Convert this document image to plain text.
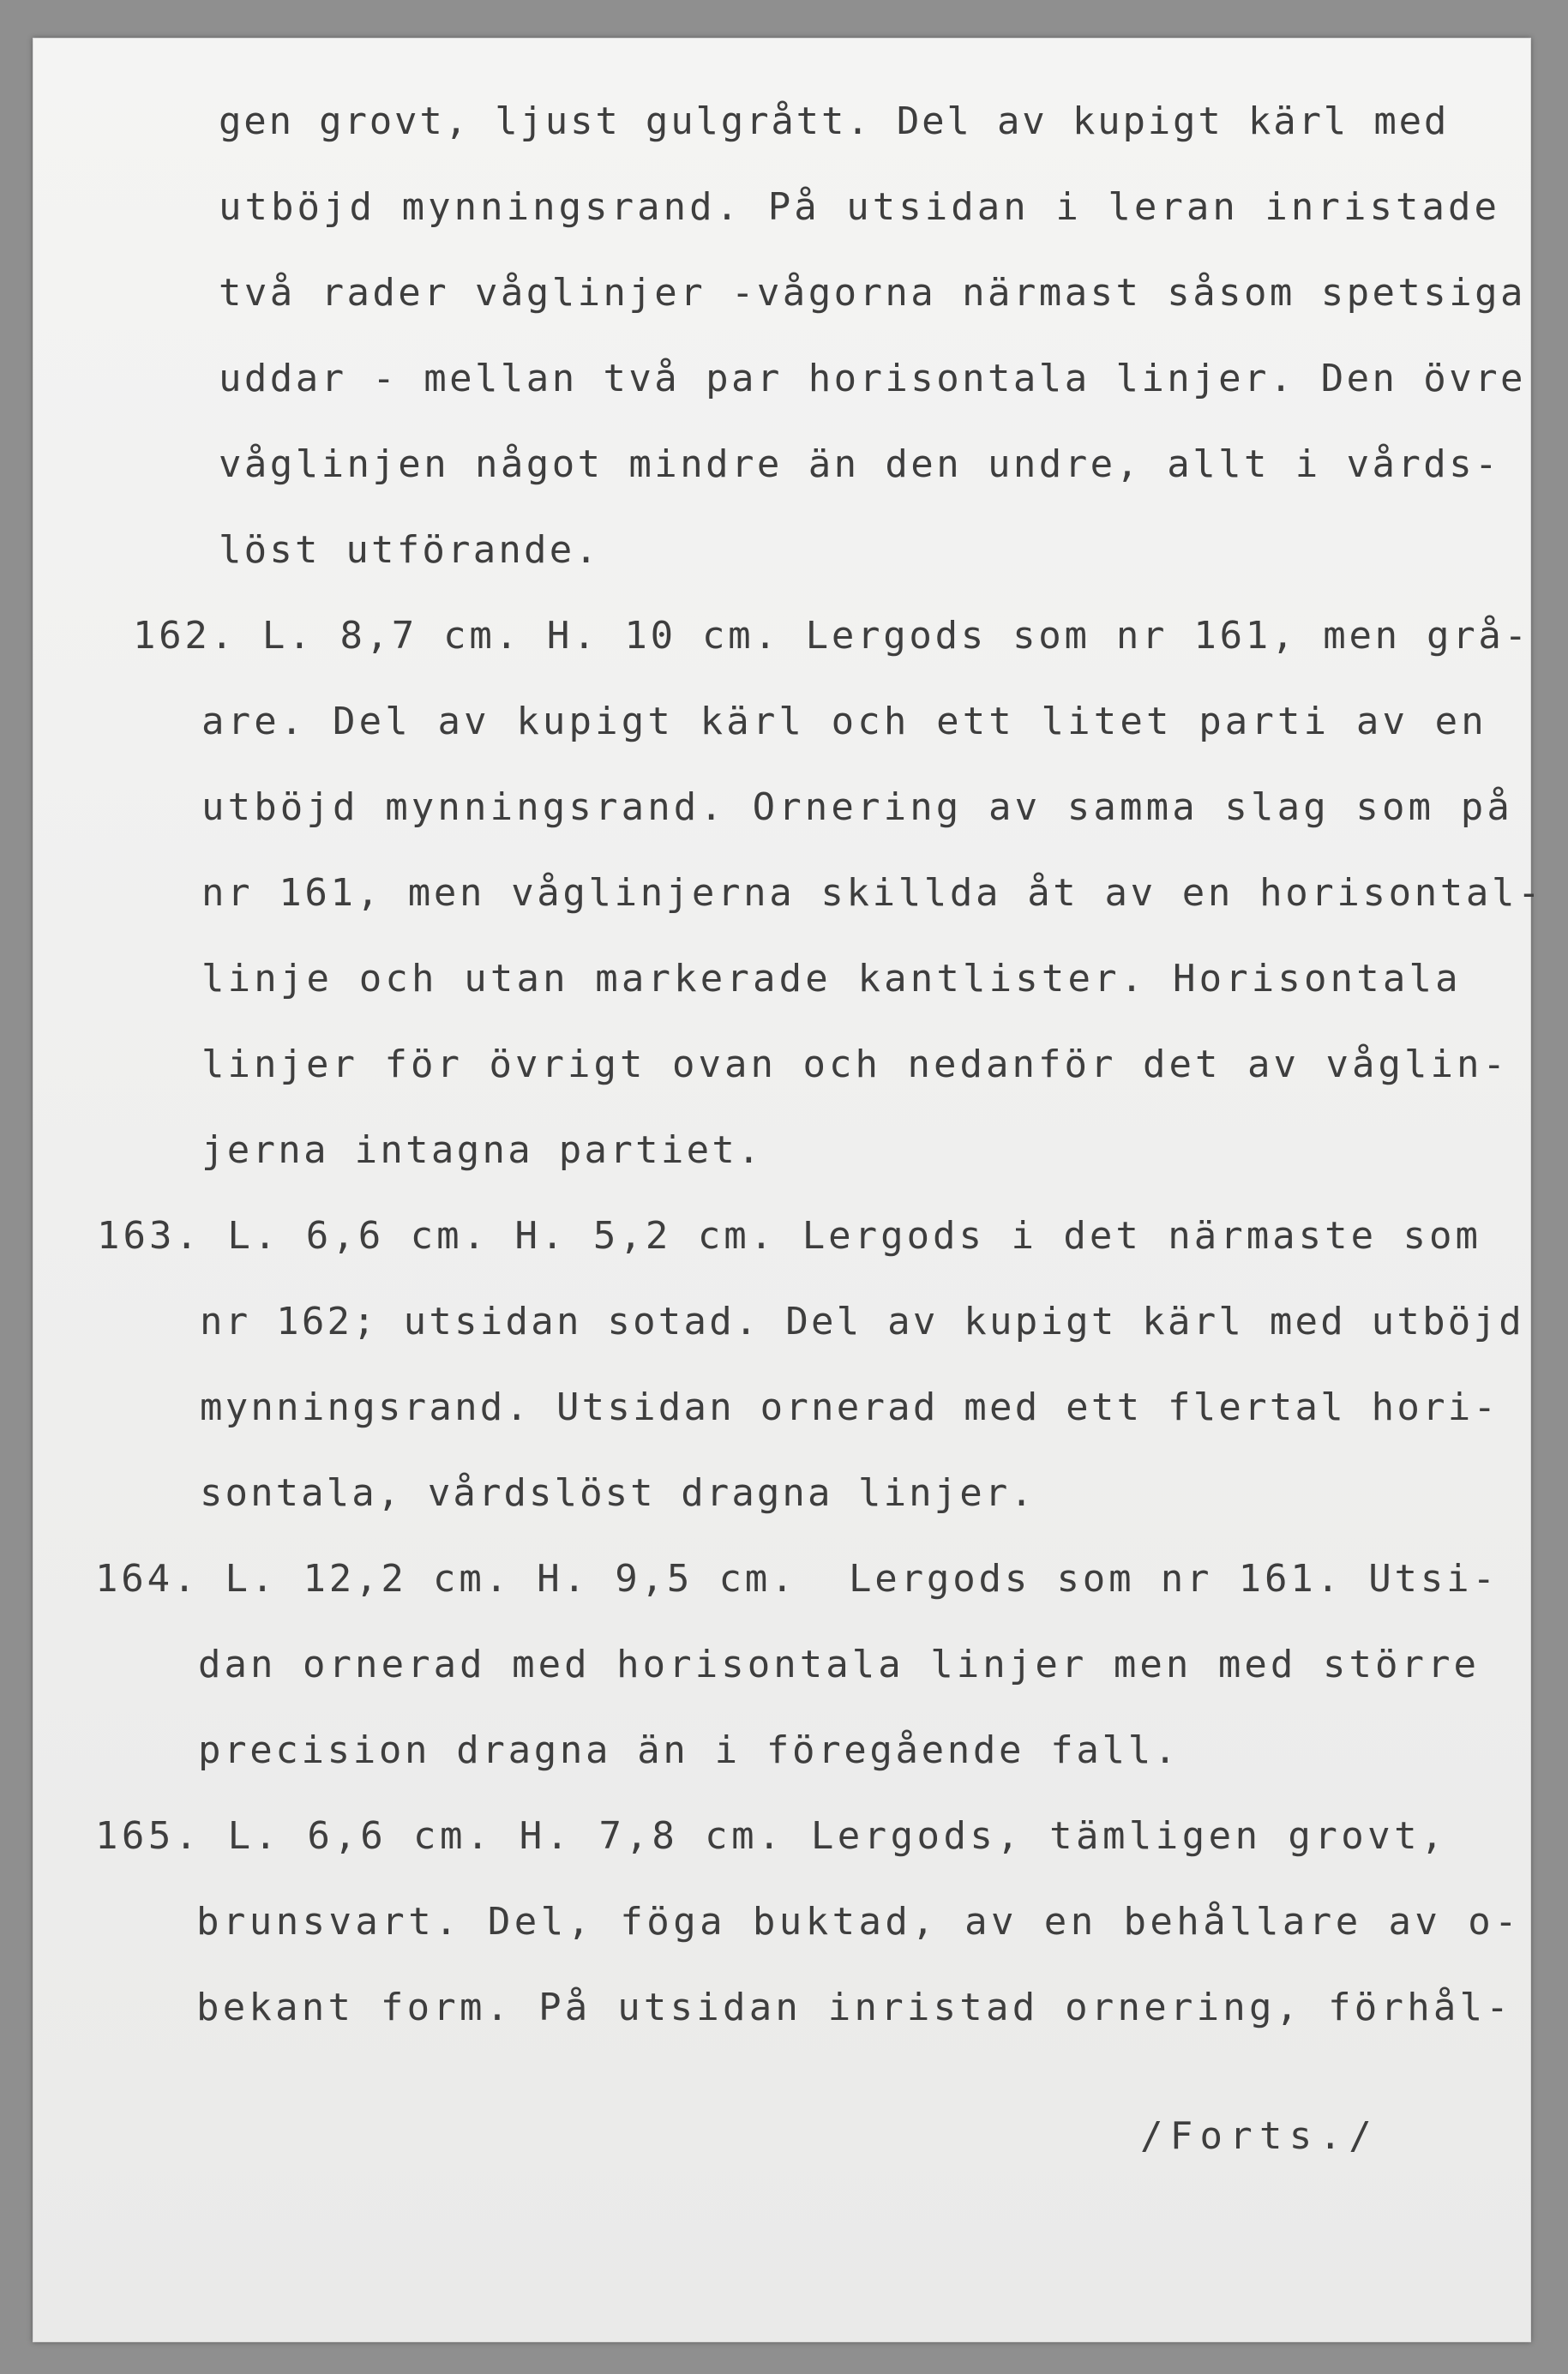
gen grovt, ljust gulgrått. Del av kupigt kärl med

utböjd mynningsrand. På utsidan i leran inristade

två rader våglinjer -vågorna närmast såsom spetsiga

uddar - mellan två par horisontala linjer. Den övre

våglinjen något mindre än den undre, allt i vårds-

löst utförande.

162. L. 8,7 cm. H. 10 cm. Lergods som nr 161, men grå-

are. Del av kupigt kärl och ett litet parti av en

utböjd mynningsrand. Ornering av samma slag som på

nr 161, men våglinjerna skillda åt av en horisontal-

linje och utan markerade kantlister. Horisontala

linjer för övrigt ovan och nedanför det av våglin-

jerna intagna partiet.

163. L. 6,6 cm. H. 5,2 cm. Lergods i det närmaste som

nr 162; utsidan sotad. Del av kupigt kärl med utböjd

mynningsrand. Utsidan ornerad med ett flertal hori-

sontala, vårdslöst dragna linjer.

164. L. 12,2 cm. H. 9,5 cm.  Lergods som nr 161. Utsi-

dan ornerad med horisontala linjer men med större

precision dragna än i föregående fall.

165. L. 6,6 cm. H. 7,8 cm. Lergods, tämligen grovt,

brunsvart. Del, föga buktad, av en behållare av o-

bekant form. På utsidan inristad ornering, förhål-

/Forts./
